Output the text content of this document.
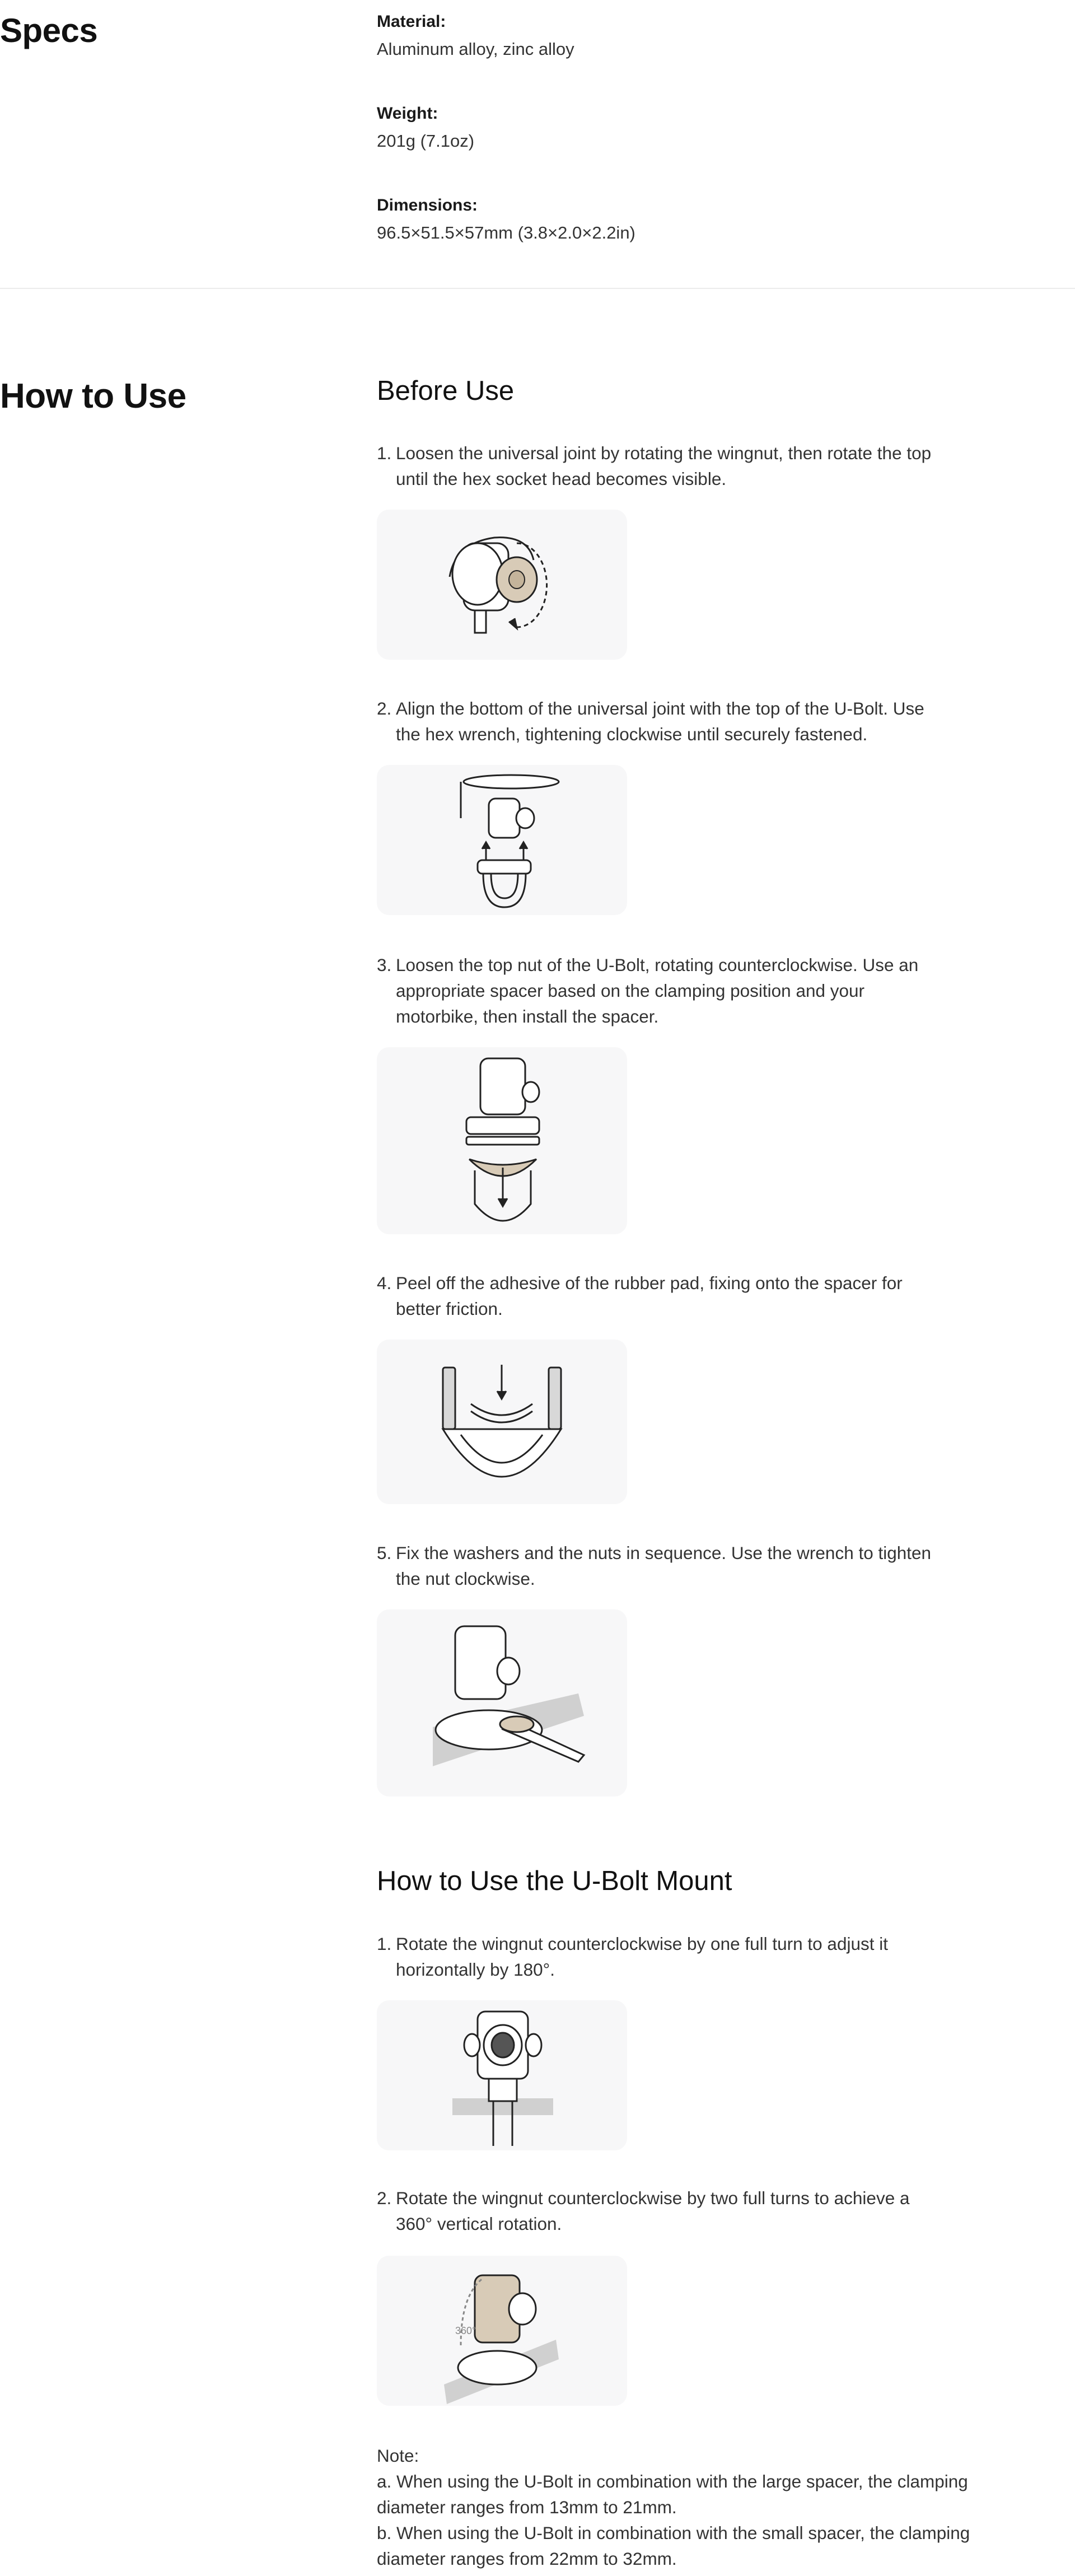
Specs	Material:
Aluminum alloy, zinc alloy
Weight:
201g (7.1oz)
Dimensions:
96.5×51.5×57mm (3.8×2.0×2.2in)
How to Use	Before Use
1. Loosen the universal joint by rotating the wingnut, then rotate the top until the hex socket head becomes visible.
2. Align the bottom of the universal joint with the top of the U-Bolt. Use the hex wrench, tightening clockwise until securely fastened.
3. Loosen the top nut of the U-Bolt, rotating counterclockwise. Use an appropriate spacer based on the clamping position and your motorbike, then install the spacer.
4. Peel off the adhesive of the rubber pad, fixing onto the spacer for better friction.
5. Fix the washers and the nuts in sequence. Use the wrench to tighten the nut clockwise.
How to Use the U-Bolt Mount
1. Rotate the wingnut counterclockwise by one full turn to adjust it horizontally by 180°.
2. Rotate the wingnut counterclockwise by two full turns to achieve a 360° vertical rotation.
360°
Note:
a. When using the U-Bolt in combination with the large spacer, the clamping diameter ranges from 13mm to 21mm.
b. When using the U-Bolt in combination with the small spacer, the clamping diameter ranges from 22mm to 32mm.
